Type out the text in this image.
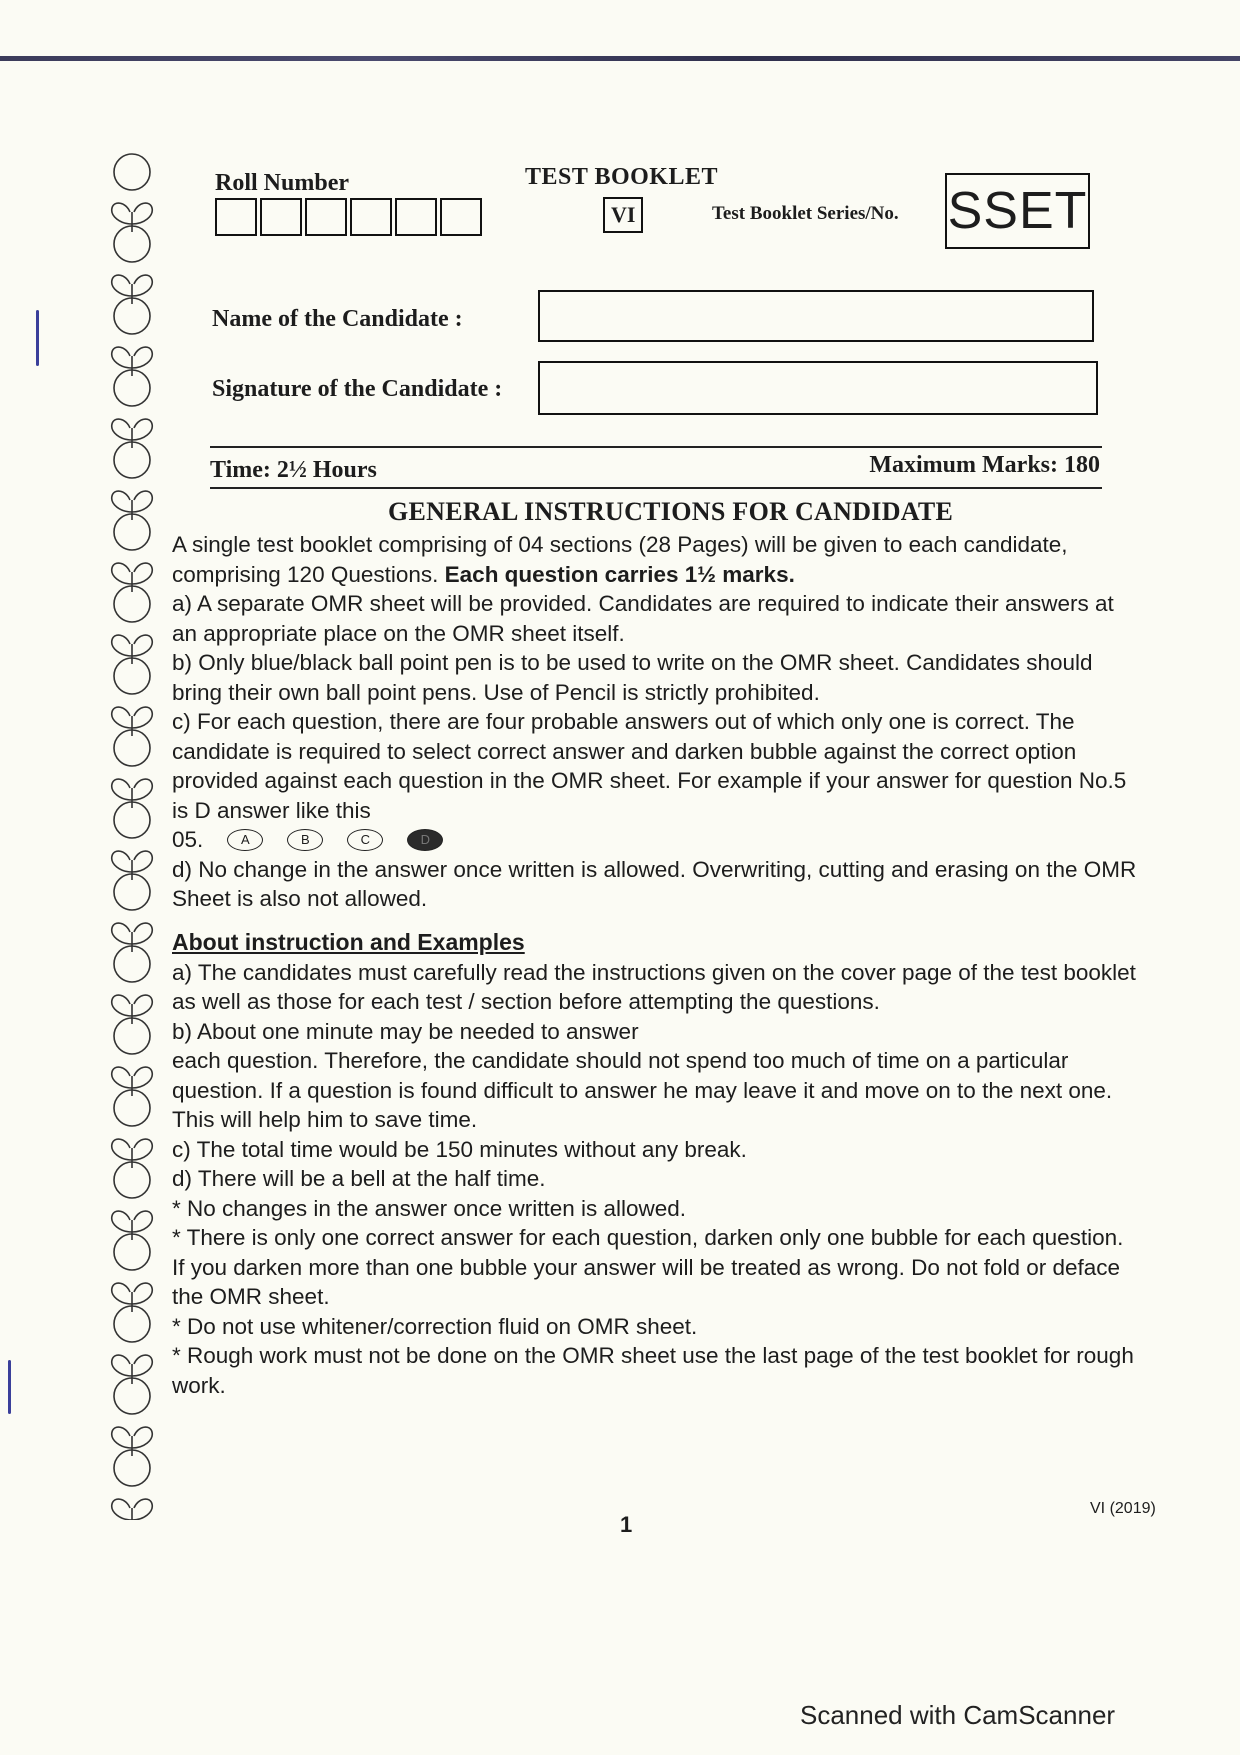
Roll Number	TEST BOOKLET
VI	Test Booklet Series/No. SSET
Name of the Candidate :
Signature of the Candidate :
Time: 2½ Hours	Maximum Marks: 180
GENERAL INSTRUCTIONS FOR CANDIDATE

A single test booklet comprising of 04 sections (28 Pages) will be given to each candidate, comprising 120 Questions. Each question carries 1½ marks.

a) A separate OMR sheet will be provided. Candidates are required to indicate their answers at an appropriate place on the OMR sheet itself.

b) Only blue/black ball point pen is to be used to write on the OMR sheet. Candidates should bring their own ball point pens. Use of Pencil is strictly prohibited.

c) For each question, there are four probable answers out of which only one is correct. The candidate is required to select correct answer and darken bubble against the correct option provided against each question in the OMR sheet. For example if your answer for question No.5 is D answer like this

05.	A	B	C	D

d) No change in the answer once written is allowed. Overwriting, cutting and erasing on the OMR Sheet is also not allowed.

About instruction and Examples

a) The candidates must carefully read the instructions given on the cover page of the test booklet as well as those for each test / section before attempting the questions.

b) About one minute may be needed to answer

each question. Therefore, the candidate should not spend too much of time on a particular question. If a question is found difficult to answer he may leave it and move on to the next one. This will help him to save time.

c) The total time would be 150 minutes without any break.

d) There will be a bell at the half time.

* No changes in the answer once written is allowed.

* There is only one correct answer for each question, darken only one bubble for each question. If you darken more than one bubble your answer will be treated as wrong. Do not fold or deface the OMR sheet.

* Do not use whitener/correction fluid on OMR sheet.

* Rough work must not be done on the OMR sheet use the last page of the test booklet for rough work.

1
VI (2019)
Scanned with CamScanner
